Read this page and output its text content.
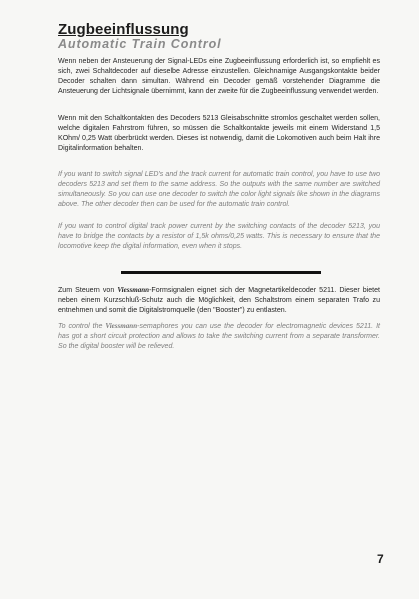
Zugbeeinflussung
Automatic Train Control

Wenn neben der Ansteuerung der Signal-LEDs eine Zugbeeinflussung erforderlich ist, so empfiehlt es sich, zwei Schaltdecoder auf dieselbe Adresse einzustellen. Gleichnamige Ausgangskontakte beider Decoder schalten dann simultan. Während ein Decoder gemäß vorstehender Diagramme die Ansteuerung der Lichtsignale übernimmt, kann der zweite für die Zugbeeinflussung verwendet werden.

Wenn mit den Schaltkontakten des Decoders 5213 Gleisabschnitte stromlos geschaltet werden sollen, welche digitalen Fahrstrom führen, so müssen die Schaltkontakte jeweils mit einem Widerstand 1,5 KOhm/ 0,25 Watt überbrückt werden. Dieses ist notwendig, damit die Lokomotiven auch beim Halt ihre Digitalinformation behalten.

If you want to switch signal LED's and the track current for automatic train control, you have to use two decoders 5213 and set them to the same address. So the outputs with the same number are switched simultaneously. So you can use one decoder to switch the color light signals like shown in the diagrams above. The other decoder then can be used for the automatic train control.

If you want to control digital track power current by the switching contacts of the decoder 5213, you have to bridge the contacts by a resistor of 1,5k ohms/0,25 watts. This is necessary to ensure that the locomotive keep the digital information, even when it stops.

Zum Steuern von Viessmann-Formsignalen eignet sich der Magnetartikeldecoder 5211. Dieser bietet neben einem Kurzschluß-Schutz auch die Möglichkeit, den Schaltstrom einem separaten Trafo zu entnehmen und somit die Digitalstromquelle (den "Booster") zu entlasten.

To control the Viessmann-semaphores you can use the decoder for electromagnetic devices 5211. It has got a short circuit protection and allows to take the switching current from a separate transformer. So the digital booster will be relieved.

7
